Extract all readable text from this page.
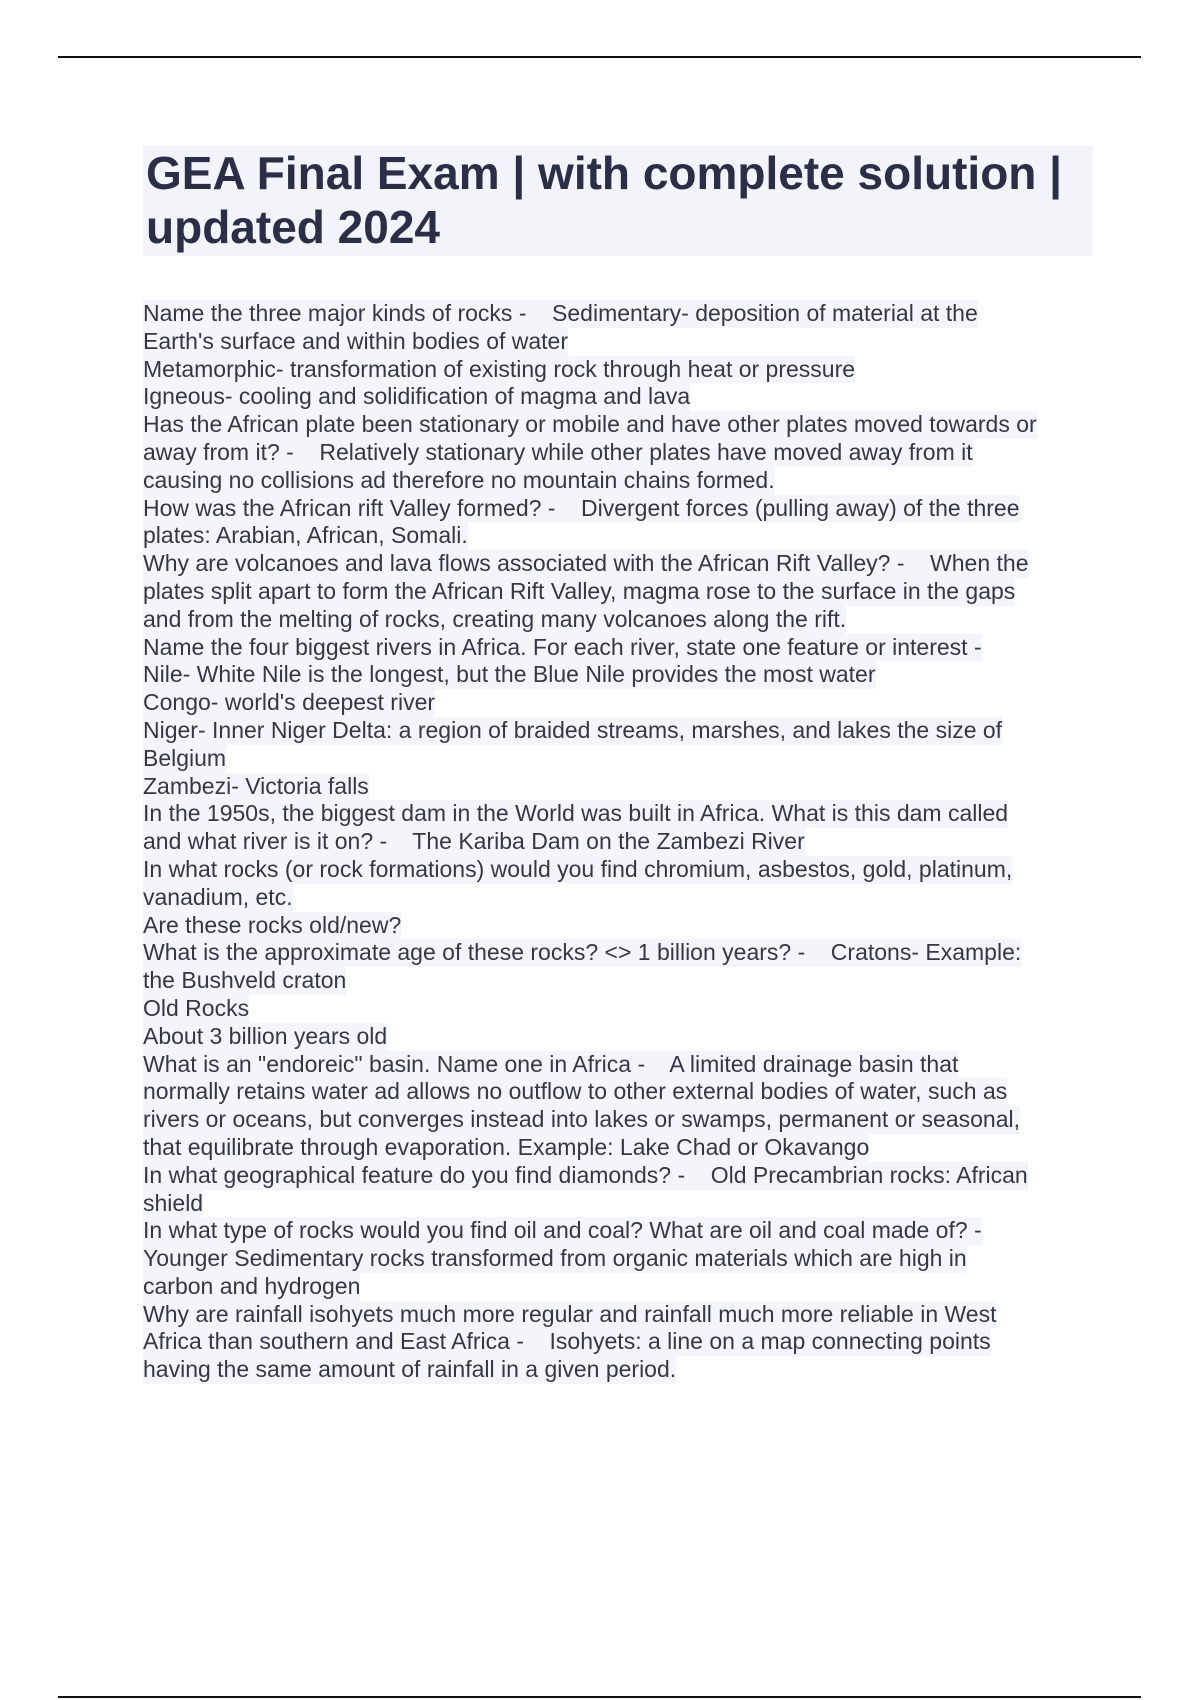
GEA Final Exam | with complete solution | updated 2024
Name the three major kinds of rocks -    Sedimentary- deposition of material at the
Earth's surface and within bodies of water
Metamorphic- transformation of existing rock through heat or pressure
Igneous- cooling and solidification of magma and lava
Has the African plate been stationary or mobile and have other plates moved towards or
away from it? -    Relatively stationary while other plates have moved away from it
causing no collisions ad therefore no mountain chains formed.
How was the African rift Valley formed? -    Divergent forces (pulling away) of the three
plates: Arabian, African, Somali.
Why are volcanoes and lava flows associated with the African Rift Valley? -    When the
plates split apart to form the African Rift Valley, magma rose to the surface in the gaps
and from the melting of rocks, creating many volcanoes along the rift.
Name the four biggest rivers in Africa. For each river, state one feature or interest -
Nile- White Nile is the longest, but the Blue Nile provides the most water
Congo- world's deepest river
Niger- Inner Niger Delta: a region of braided streams, marshes, and lakes the size of
Belgium
Zambezi- Victoria falls
In the 1950s, the biggest dam in the World was built in Africa. What is this dam called
and what river is it on? -    The Kariba Dam on the Zambezi River
In what rocks (or rock formations) would you find chromium, asbestos, gold, platinum,
vanadium, etc.
Are these rocks old/new?
What is the approximate age of these rocks? <> 1 billion years? -    Cratons- Example:
the Bushveld craton
Old Rocks
About 3 billion years old
What is an "endoreic" basin. Name one in Africa -    A limited drainage basin that
normally retains water ad allows no outflow to other external bodies of water, such as
rivers or oceans, but converges instead into lakes or swamps, permanent or seasonal,
that equilibrate through evaporation. Example: Lake Chad or Okavango
In what geographical feature do you find diamonds? -    Old Precambrian rocks: African
shield
In what type of rocks would you find oil and coal? What are oil and coal made of? -
Younger Sedimentary rocks transformed from organic materials which are high in
carbon and hydrogen
Why are rainfall isohyets much more regular and rainfall much more reliable in West
Africa than southern and East Africa -    Isohyets: a line on a map connecting points
having the same amount of rainfall in a given period.
